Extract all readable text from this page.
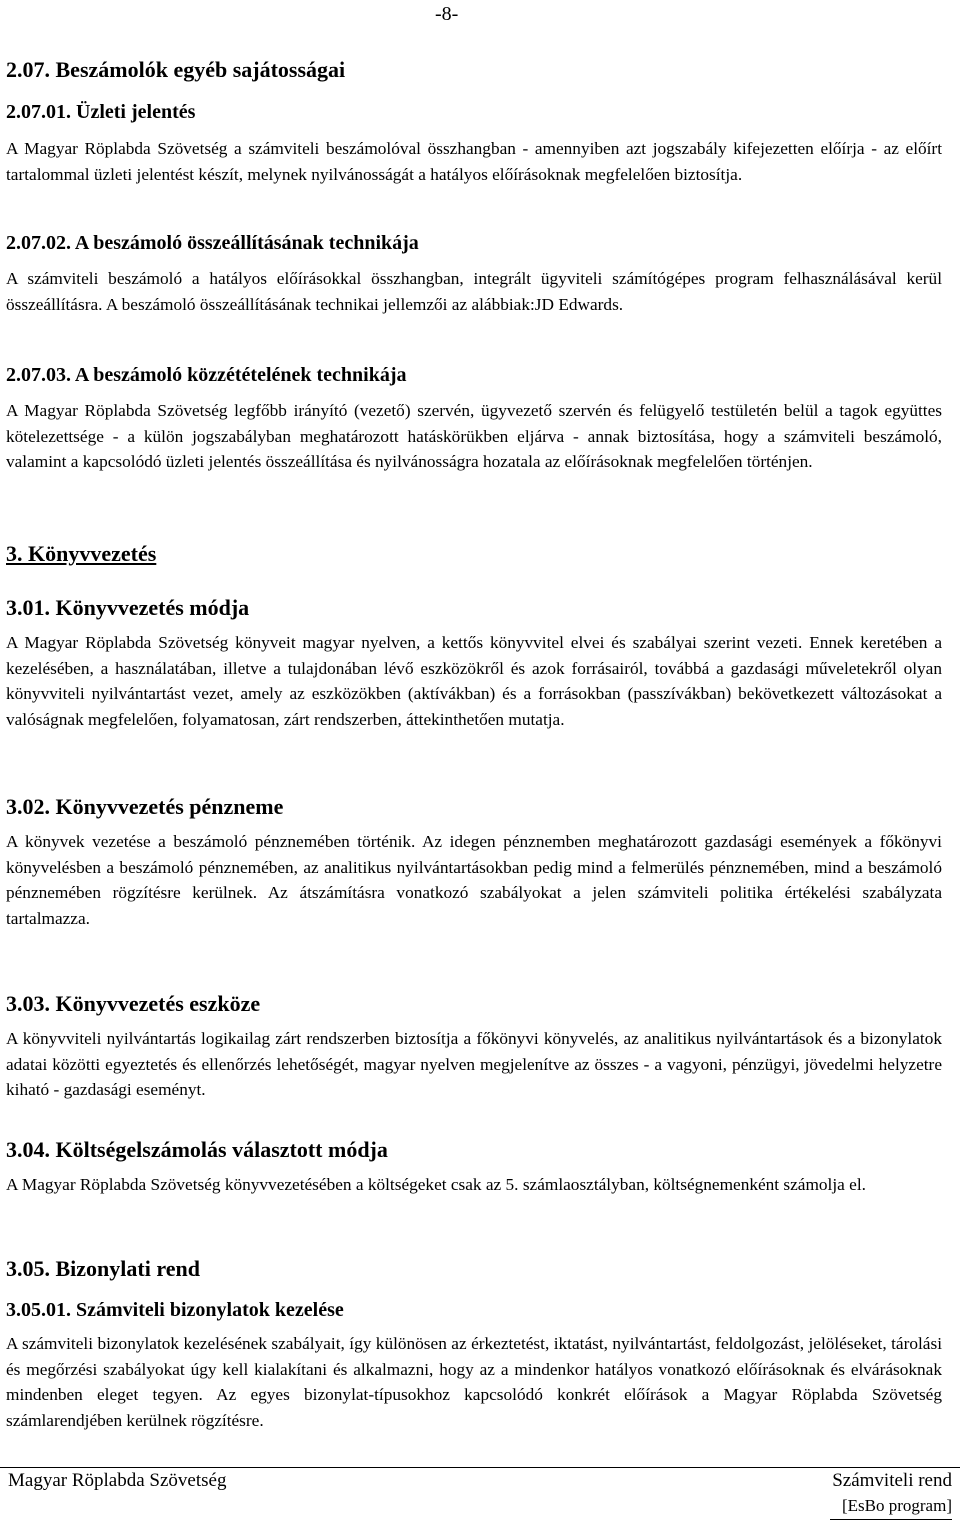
-8-

2.07. Beszámolók egyéb sajátosságai

2.07.01. Üzleti jelentés

A Magyar Röplabda Szövetség a számviteli beszámolóval összhangban - amennyiben azt jogszabály kifejezetten előírja - az előírt tartalommal üzleti jelentést készít, melynek nyilvánosságát a hatályos előírásoknak megfelelően biztosítja.

2.07.02. A beszámoló összeállításának technikája

A számviteli beszámoló a hatályos előírásokkal összhangban, integrált ügyviteli számítógépes program felhasználásával kerül összeállításra. A beszámoló összeállításának technikai jellemzői az alábbiak:JD Edwards.

2.07.03. A beszámoló közzétételének technikája

A Magyar Röplabda Szövetség legfőbb irányító (vezető) szervén, ügyvezető szervén és felügyelő testületén belül a tagok együttes kötelezettsége - a külön jogszabályban meghatározott hatáskörükben eljárva - annak biztosítása, hogy a számviteli beszámoló, valamint a kapcsolódó üzleti jelentés összeállítása és nyilvánosságra hozatala az előírásoknak megfelelően történjen.

3. Könyvvezetés

3.01. Könyvvezetés módja

A Magyar Röplabda Szövetség könyveit magyar nyelven, a kettős könyvvitel elvei és szabályai szerint vezeti. Ennek keretében a kezelésében, a használatában, illetve a tulajdonában lévő eszközökről és azok forrásairól, továbbá a gazdasági műveletekről olyan könyvviteli nyilvántartást vezet, amely az eszközökben (aktívákban) és a forrásokban (passzívákban) bekövetkezett változásokat a valóságnak megfelelően, folyamatosan, zárt rendszerben, áttekinthetően mutatja.

3.02. Könyvvezetés pénzneme

A könyvek vezetése a beszámoló pénznemében történik. Az idegen pénznemben meghatározott gazdasági események a főkönyvi könyvelésben a beszámoló pénznemében, az analitikus nyilvántartásokban pedig mind a felmerülés pénznemében, mind a beszámoló pénznemében rögzítésre kerülnek. Az átszámításra vonatkozó szabályokat a jelen számviteli politika értékelési szabályzata tartalmazza.

3.03. Könyvvezetés eszköze

A könyvviteli nyilvántartás logikailag zárt rendszerben biztosítja a főkönyvi könyvelés, az analitikus nyilvántartások és a bizonylatok adatai közötti egyeztetés és ellenőrzés lehetőségét, magyar nyelven megjelenítve az összes - a vagyoni, pénzügyi, jövedelmi helyzetre kiható - gazdasági eseményt.

3.04. Költségelszámolás választott módja

A Magyar Röplabda Szövetség könyvvezetésében a költségeket csak az 5. számlaosztályban, költségnemenként számolja el.

3.05. Bizonylati rend

3.05.01. Számviteli bizonylatok kezelése

A számviteli bizonylatok kezelésének szabályait, így különösen az érkeztetést, iktatást, nyilvántartást, feldolgozást, jelöléseket, tárolási és megőrzési szabályokat úgy kell kialakítani és alkalmazni, hogy az a mindenkor hatályos vonatkozó előírásoknak és elvárásoknak mindenben eleget tegyen. Az egyes bizonylat-típusokhoz kapcsolódó konkrét előírások a Magyar Röplabda Szövetség számlarendjében kerülnek rögzítésre.

Magyar Röplabda Szövetség	Számviteli rend
[EsBo program]
